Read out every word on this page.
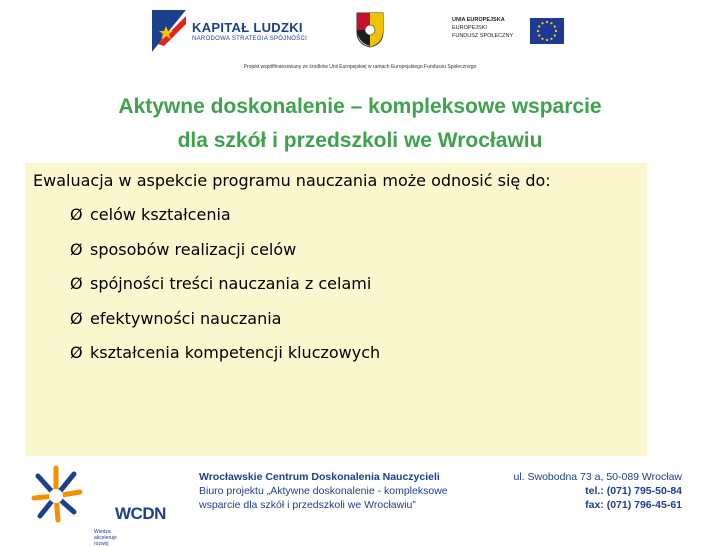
KAPITAŁ LUDZKI
NARODOWA STRATEGIA SPÓJNOŚCI
UNIA EUROPEJSKA
EUROPEJSKI
FUNDUSZ SPOŁECZNY
Projekt współfinansowany ze środków Unii Europejskiej w ramach Europejskiego Funduszu Społecznego
Aktywne doskonalenie – kompleksowe wsparcie
dla szkół i przedszkoli we Wrocławiu
Ewaluacja w aspekcie programu nauczania może odnosić się do:
Ø celów kształcenia
Ø sposobów realizacji celów
Ø spójności treści nauczania z celami
Ø efektywności nauczania
Ø kształcenia kompetencji kluczowych
WCDN
Wiedza akceleruje rozwój
Wrocławskie Centrum Doskonalenia Nauczycieli
Biuro projektu „Aktywne doskonalenie - kompleksowe
wsparcie dla szkół i przedszkoli we Wrocławiu”
ul. Swobodna 73 a, 50-089 Wrocław
tel.: (071) 795-50-84
fax: (071) 796-45-61
